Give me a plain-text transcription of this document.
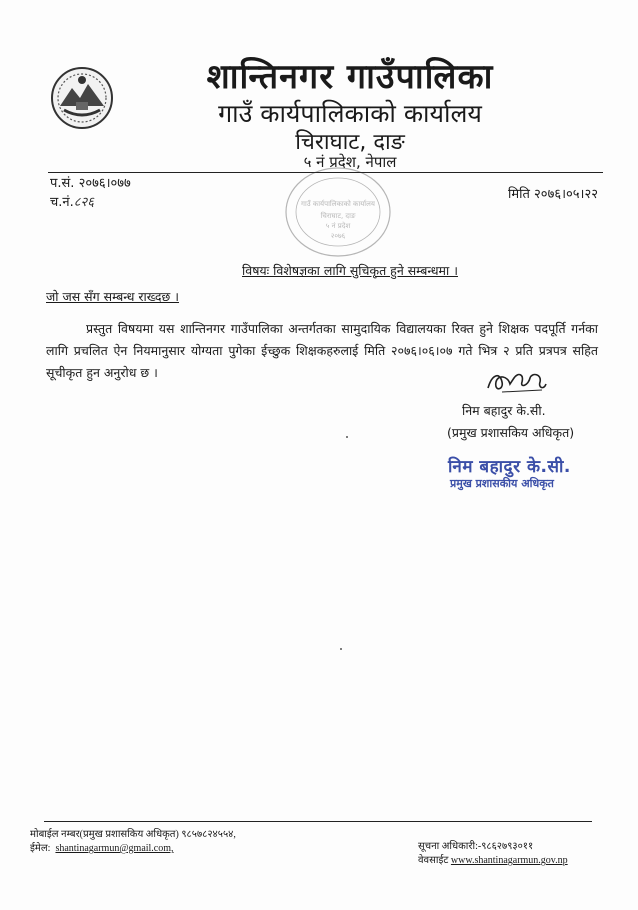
शान्तिनगर गाउँपालिका
गाउँ कार्यपालिकाको कार्यालय
चिराघाट, दाङ
५ नं प्रदेश, नेपाल
प.सं. २०७६।०७७
च.नं.८२६
मिति २०७६।०५।२२
गाउँ कार्यपालिकाको कार्यालय
चिराघाट, दाङ
५ नं प्रदेश
२०७६
विषयः विशेषज्ञका लागि सुचिकृत हुने सम्बन्धमा ।
जो जस सँग सम्बन्ध राख्दछ ।
प्रस्तुत विषयमा यस शान्तिनगर गाउँपालिका अन्तर्गतका सामुदायिक विद्यालयका रिक्त हुने शिक्षक पदपूर्ति गर्नका लागि प्रचलित ऐन नियमानुसार योग्यता पुगेका ईच्छुक शिक्षकहरुलाई मिति २०७६।०६।०७ गते भित्र २ प्रति प्रत्रपत्र सहित सूचीकृत हुन अनुरोध छ ।
निम बहादुर के.सी.
(प्रमुख प्रशासकिय अधिकृत)
निम बहादुर के.सी.
प्रमुख प्रशासकीय अधिकृत
मोबाईल नम्बर(प्रमुख प्रशासकिय अधिकृत) ९८५७८२४५५४,
ईमेल: shantinagarmun@gmail.com,	सूचना अधिकारी:-९८६२७९३०११
वेवसाईट www.shantinagarmun.gov.np
